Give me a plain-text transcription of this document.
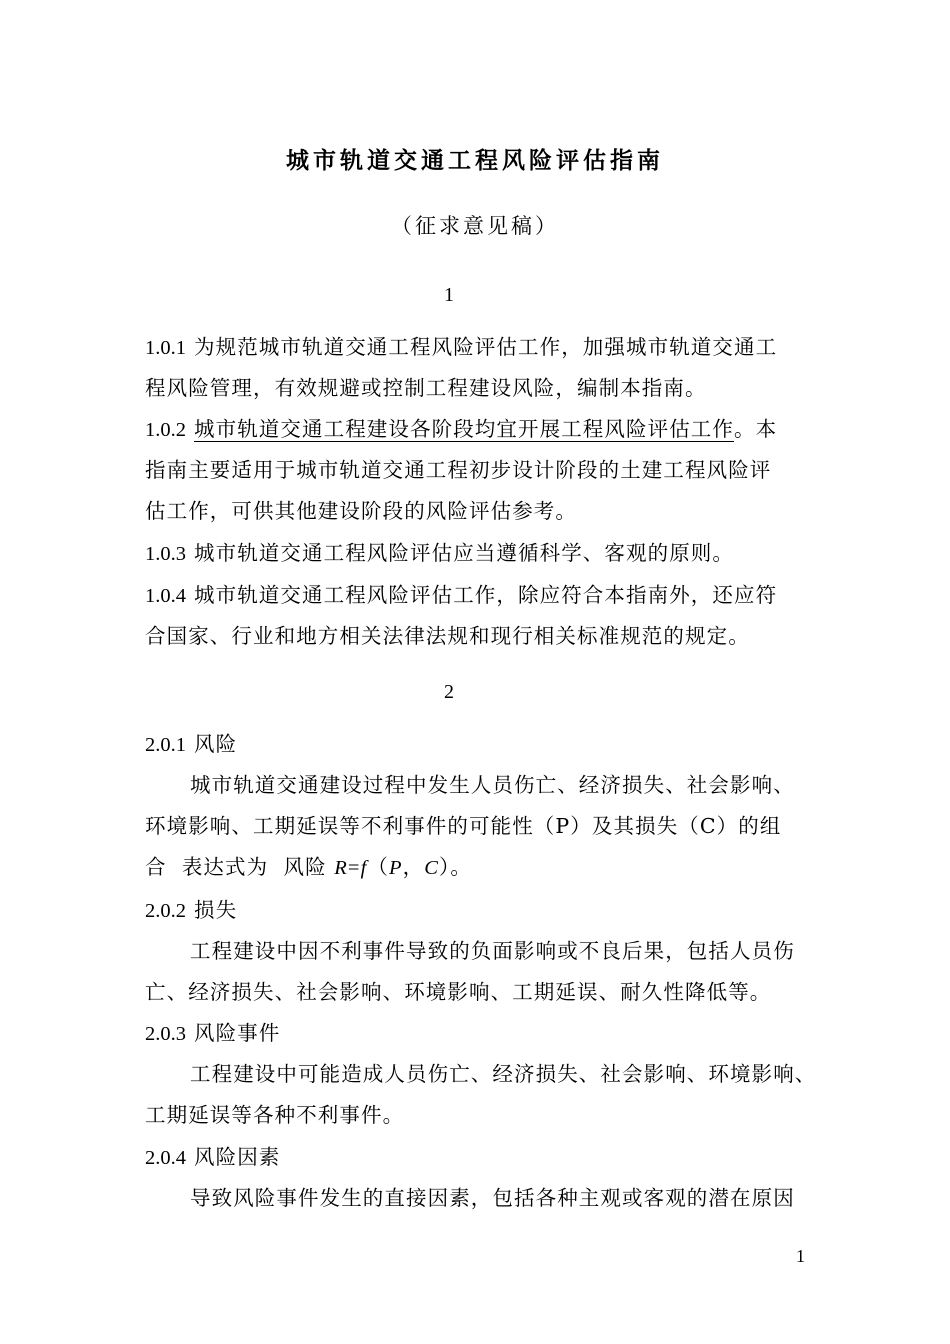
城市轨道交通工程风险评估指南
（征求意见稿）
1
1.0.1 为规范城市轨道交通工程风险评估工作，加强城市轨道交通工
程风险管理，有效规避或控制工程建设风险，编制本指南。
1.0.2 城市轨道交通工程建设各阶段均宜开展工程风险评估工作。本
指南主要适用于城市轨道交通工程初步设计阶段的土建工程风险评
估工作，可供其他建设阶段的风险评估参考。
1.0.3 城市轨道交通工程风险评估应当遵循科学、客观的原则。
1.0.4 城市轨道交通工程风险评估工作，除应符合本指南外，还应符
合国家、行业和地方相关法律法规和现行相关标准规范的规定。
2
2.0.1 风险
城市轨道交通建设过程中发生人员伤亡、经济损失、社会影响、
环境影响、工期延误等不利事件的可能性（P）及其损失（C）的组
合  表达式为  风险 R=f（P，C）。
2.0.2 损失
工程建设中因不利事件导致的负面影响或不良后果，包括人员伤
亡、经济损失、社会影响、环境影响、工期延误、耐久性降低等。
2.0.3 风险事件
工程建设中可能造成人员伤亡、经济损失、社会影响、环境影响、
工期延误等各种不利事件。
2.0.4 风险因素
导致风险事件发生的直接因素，包括各种主观或客观的潜在原因
1
